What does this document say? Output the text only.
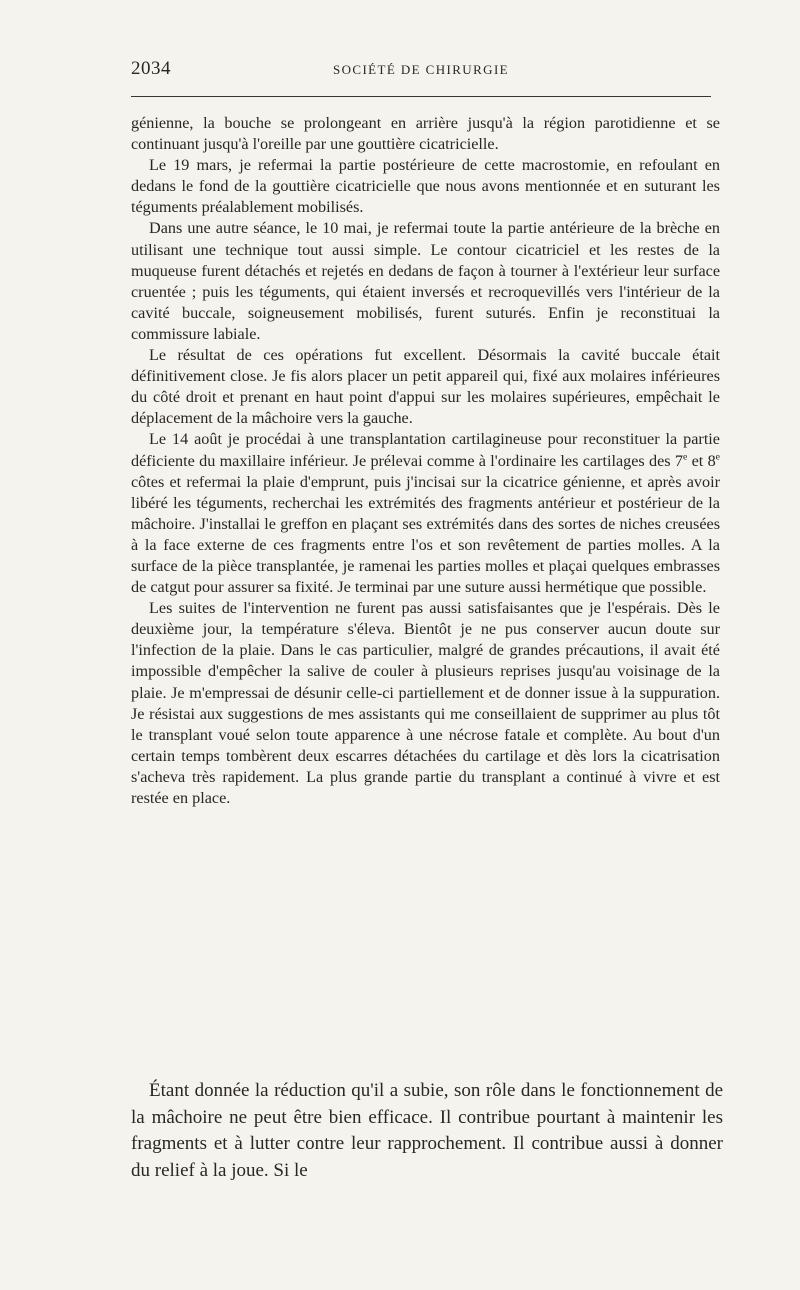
2034	SOCIÉTÉ DE CHIRURGIE

génienne, la bouche se prolongeant en arrière jusqu'à la région parotidienne et se continuant jusqu'à l'oreille par une gouttière cicatricielle.

Le 19 mars, je refermai la partie postérieure de cette macrostomie, en refoulant en dedans le fond de la gouttière cicatricielle que nous avons mentionnée et en suturant les téguments préalablement mobilisés.

Dans une autre séance, le 10 mai, je refermai toute la partie antérieure de la brèche en utilisant une technique tout aussi simple. Le contour cicatriciel et les restes de la muqueuse furent détachés et rejetés en dedans de façon à tourner à l'extérieur leur surface cruentée ; puis les téguments, qui étaient inversés et recroquevillés vers l'intérieur de la cavité buccale, soigneusement mobilisés, furent suturés. Enfin je reconstituai la commissure labiale.

Le résultat de ces opérations fut excellent. Désormais la cavité buccale était définitivement close. Je fis alors placer un petit appareil qui, fixé aux molaires inférieures du côté droit et prenant en haut point d'appui sur les molaires supérieures, empêchait le déplacement de la mâchoire vers la gauche.

Le 14 août je procédai à une transplantation cartilagineuse pour reconstituer la partie déficiente du maxillaire inférieur. Je prélevai comme à l'ordinaire les cartilages des 7e et 8e côtes et refermai la plaie d'emprunt, puis j'incisai sur la cicatrice génienne, et après avoir libéré les téguments, recherchai les extrémités des fragments antérieur et postérieur de la mâchoire. J'installai le greffon en plaçant ses extrémités dans des sortes de niches creusées à la face externe de ces fragments entre l'os et son revêtement de parties molles. A la surface de la pièce transplantée, je ramenai les parties molles et plaçai quelques embrasses de catgut pour assurer sa fixité. Je terminai par une suture aussi hermétique que possible.

Les suites de l'intervention ne furent pas aussi satisfaisantes que je l'espérais. Dès le deuxième jour, la température s'éleva. Bientôt je ne pus conserver aucun doute sur l'infection de la plaie. Dans le cas particulier, malgré de grandes précautions, il avait été impossible d'empêcher la salive de couler à plusieurs reprises jusqu'au voisinage de la plaie. Je m'empressai de désunir celle-ci partiellement et de donner issue à la suppuration. Je résistai aux suggestions de mes assistants qui me conseillaient de supprimer au plus tôt le transplant voué selon toute apparence à une nécrose fatale et complète. Au bout d'un certain temps tombèrent deux escarres détachées du cartilage et dès lors la cicatrisation s'acheva très rapidement. La plus grande partie du transplant a continué à vivre et est restée en place.

Étant donnée la réduction qu'il a subie, son rôle dans le fonctionnement de la mâchoire ne peut être bien efficace. Il contribue pourtant à maintenir les fragments et à lutter contre leur rapprochement. Il contribue aussi à donner du relief à la joue. Si le
